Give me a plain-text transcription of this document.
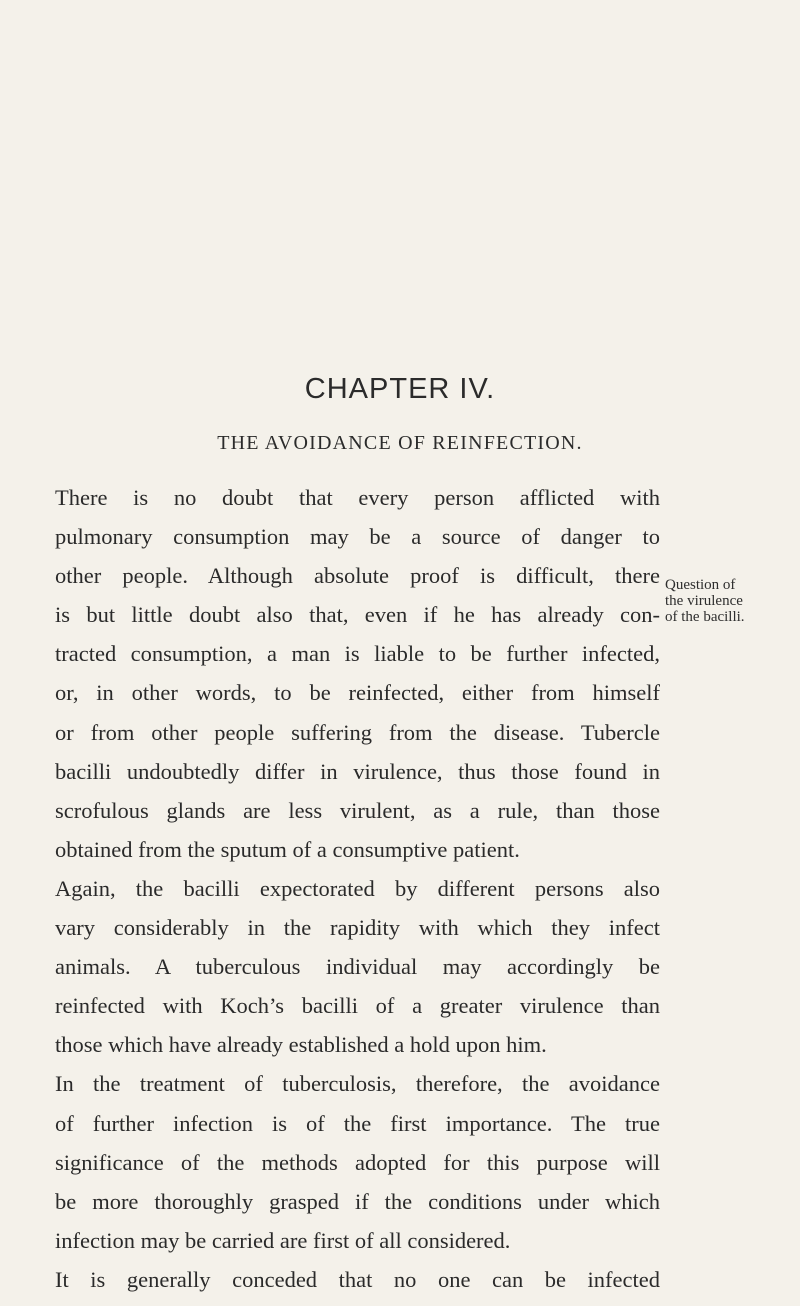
CHAPTER IV.
THE AVOIDANCE OF REINFECTION.
There is no doubt that every person afflicted with
pulmonary consumption may be a source of danger to
other people. Although absolute proof is difficult, there
is but little doubt also that, even if he has already con-
tracted consumption, a man is liable to be further infected,
or, in other words, to be reinfected, either from himself
or from other people suffering from the disease. Tubercle
bacilli undoubtedly differ in virulence, thus those found in
scrofulous glands are less virulent, as a rule, than those
obtained from the sputum of a consumptive patient.
Again, the bacilli expectorated by different persons also
vary considerably in the rapidity with which they infect
animals. A tuberculous individual may accordingly be
reinfected with Koch’s bacilli of a greater virulence than
those which have already established a hold upon him.
In the treatment of tuberculosis, therefore, the avoidance
of further infection is of the first importance. The true
significance of the methods adopted for this purpose will
be more thoroughly grasped if the conditions under which
infection may be carried are first of all considered.
It is generally conceded that no one can be infected
Question of
the virulence
of the bacilli.
